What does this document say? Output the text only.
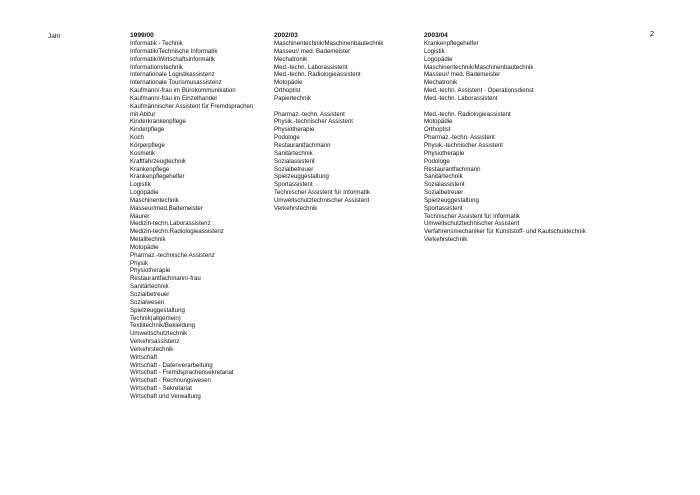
2
Jahr	1999/00
Informatik - Technik
Informatik/Technische Informatik
Informatik/Wirtschaftsinformatik
Informationstechnik
Internationale Logistikassistenz
Internationale Tourismusassistenz
Kaufmann/-frau im Bürokommunikation
Kaufmann/-frau im Einzelhandel
Kaufmännischer Assistent für Fremdsprachen
mit Abitur
Kinderkrankenpflege
Kinderpflege
Koch
Körperpflege
Kosmetik
Kraftfahrzeugtechnik
Krankenpflege
Krankenpflegehelfer
Logistik
Logopädie
Maschinentechnik
Masseur/med.Bademeister
Maurer
Medizin-techn.Laborassistenz
Medizin-techn.Radiologieassistenz
Metalltechnik
Motopädie
Pharmaz.-technische Assistenz
Physik
Physiotherapie
Restaurantfachmann/-frau
Sanitärtechnik
Sozialbetreuer
Sozialwesen
Spielzeuggestaltung
Technik(allgemein)
Textiltechnik/Bekleidung
Umweltschutztechnik
Verkehrsassistenz
Verkehrstechnik
Wirtschaft
Wirtschaft - Datenverarbeitung
Wirtschaft - Fremdsprachensekretariat
Wirtschaft - Rechnungswesen
Wirtschaft - Sekretariat
Wirtschaft und Verwaltung
2002/03
Maschinentechnik/Maschinenbautechnik
Masseur/ med. Bademeister
Mechatronik
Med.-techn. Laborassistent
Med.-techn. Radiologieassistent
Motopädie
Orthoptist
Papiertechnik
Pharmaz.-techn. Assistent
Physik.-technischer Assistent
Physiotherapie
Podologe
Restaurantfachmann
Sanitärtechnik
Sozialassistent
Sozialbetreuer
Spielzeuggestaltung
Sportassistent
Technischer Assistent für Informatik
Umweltschutztechnischer Assistent
Verkehrstechnik
2003/04
Krankenpflegehelfer
Logistik
Logopädie
Maschinentechnik/Maschinenbautechnik
Masseur/ med. Bademeister
Mechatronik
Med.-techn. Assistent - Operationsdienst
Med.-techn. Laborassistent
Med.-techn. Radiologieassistent
Motopädie
Orthoptist
Pharmaz.-techn. Assistent
Physik.-technischer Assistent
Physiotherapie
Podologe
Restaurantfachmann
Sanitärtechnik
Sozialassistent
Sozialbetreuer
Spielzeuggestaltung
Sportassistent
Technischer Assistent für Informatik
Umweltschutztechnischer Assistent
Verfahrensmechaniker für Kunststoff- und Kautschuktechnik
Verkehrstechnik
